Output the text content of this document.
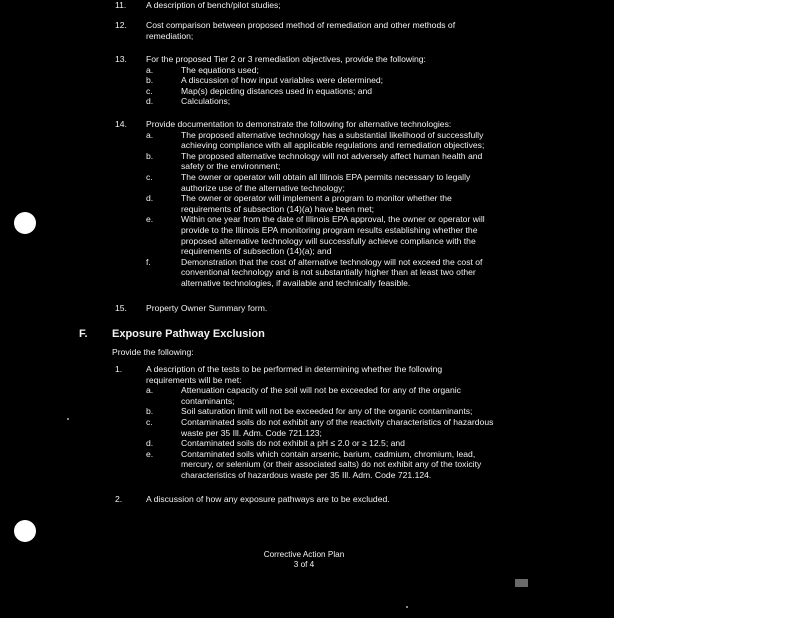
11. A description of bench/pilot studies;
12. Cost comparison between proposed method of remediation and other methods of
remediation;
13. For the proposed Tier 2 or 3 remediation objectives, provide the following:
a.	The equations used;
b.	A discussion of how input variables were determined;
c.	Map(s) depicting distances used in equations; and
d.	Calculations;
14. Provide documentation to demonstrate the following for alternative technologies:
a.	The proposed alternative technology has a substantial likelihood of successfully
achieving compliance with all applicable regulations and remediation objectives;
b.	The proposed alternative technology will not adversely affect human health and
safety or the environment;
c.	The owner or operator will obtain all Illinois EPA permits necessary to legally
authorize use of the alternative technology;
d.	The owner or operator will implement a program to monitor whether the
requirements of subsection (14)(a) have been met;
e.	Within one year from the date of Illinois EPA approval, the owner or operator will
provide to the Illinois EPA monitoring program results establishing whether the
proposed alternative technology will successfully achieve compliance with the
requirements of subsection (14)(a); and
f.	Demonstration that the cost of alternative technology will not exceed the cost of
conventional technology and is not substantially higher than at least two other
alternative technologies, if available and technically feasible.
15. Property Owner Summary form.
1.	A description of the tests to be performed in determining whether the following
requirements will be met:
a.	Attenuation capacity of the soil will not be exceeded for any of the organic
contaminants;
b.	Soil saturation limit will not be exceeded for any of the organic contaminants;
c.	Contaminated soils do not exhibit any of the reactivity characteristics of hazardous
waste per 35 Ill. Adm. Code 721.123;
d.	Contaminated soils do not exhibit a pH ≤ 2.0 or ≥ 12.5; and
e.	Contaminated soils which contain arsenic, barium, cadmium, chromium, lead,
mercury, or selenium (or their associated salts) do not exhibit any of the toxicity
characteristics of hazardous waste per 35 Ill. Adm. Code 721.124.
2.	A discussion of how any exposure pathways are to be excluded.
F. Exposure Pathway Exclusion
Provide the following:
Corrective Action Plan
3 of 4
